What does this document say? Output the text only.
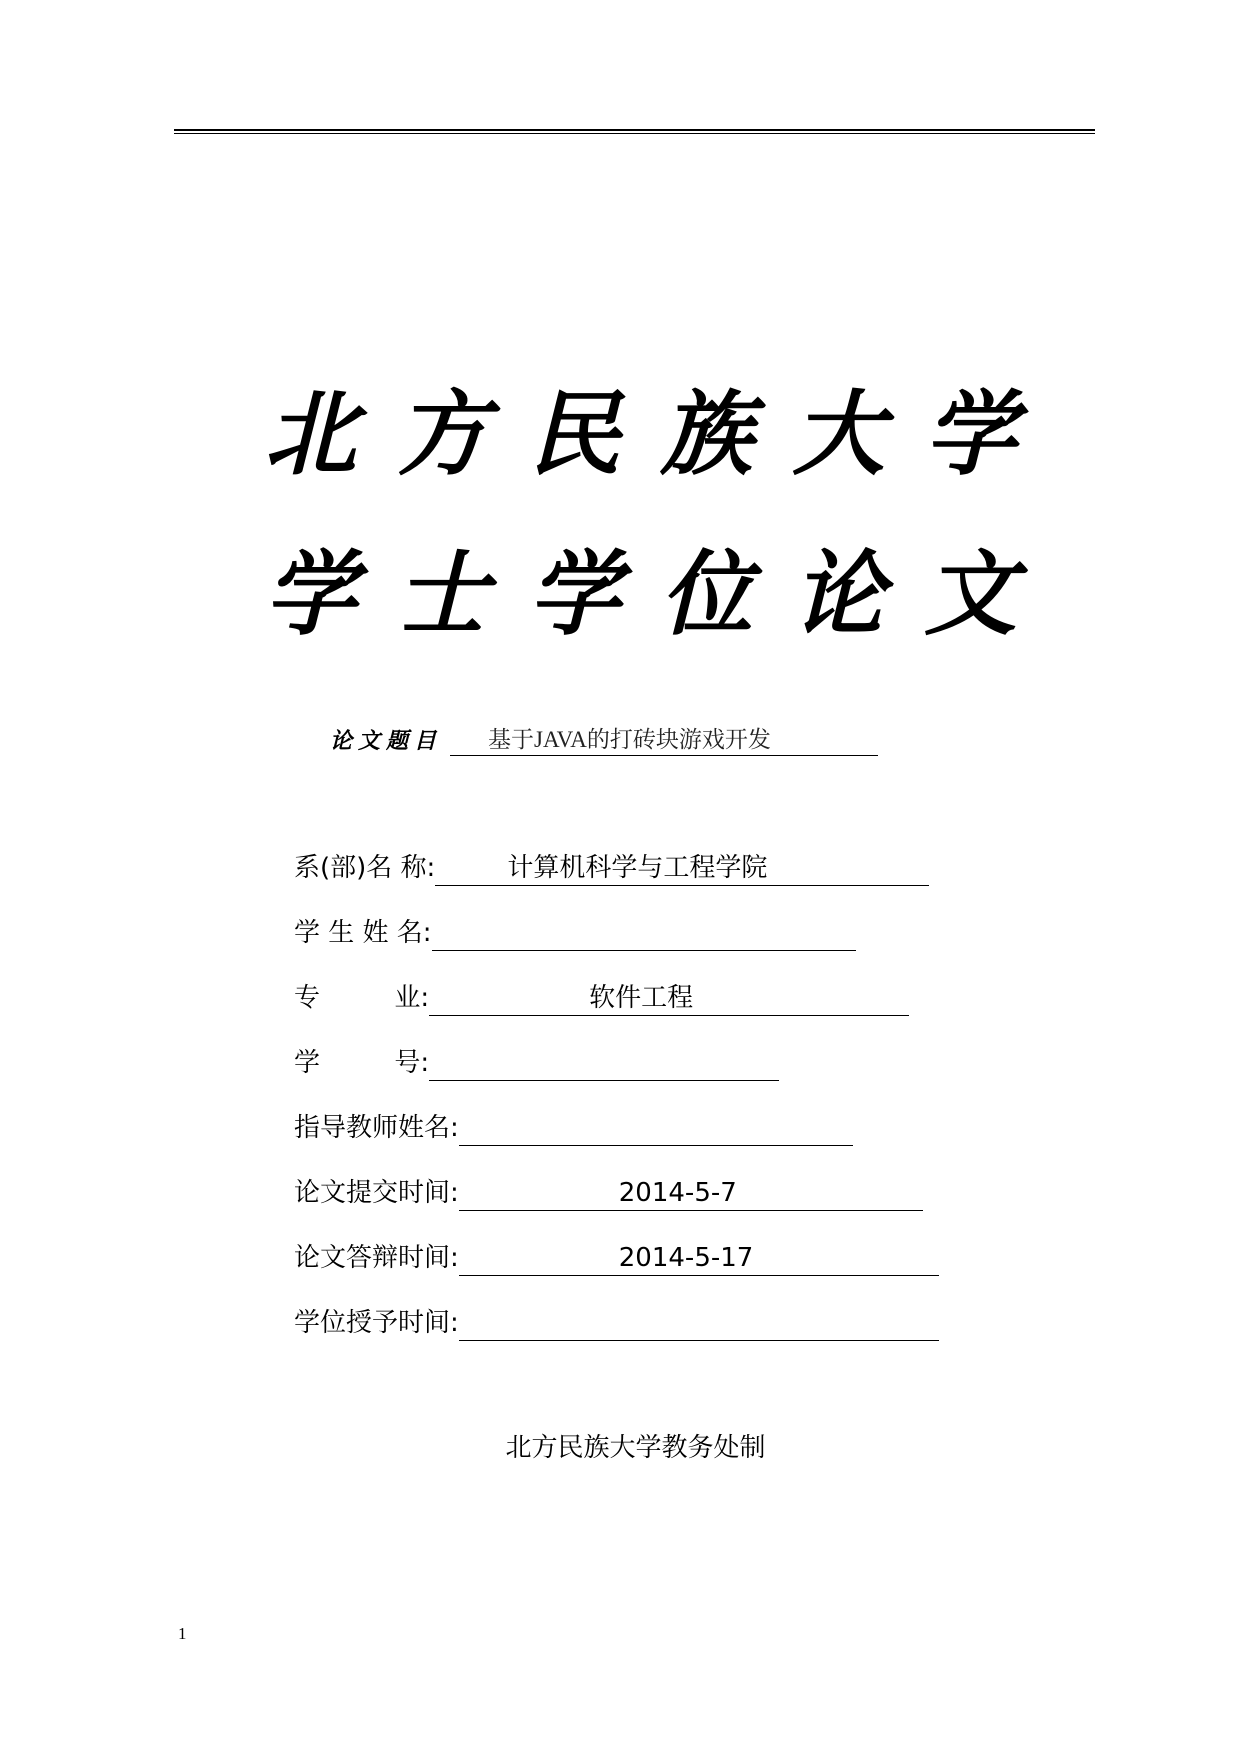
北方民族大学
学士学位论文
论文题目	基于JAVA的打砖块游戏开发
系(部)名 称:	计算机科学与工程学院
学 生 姓 名:
专         业:	软件工程
学         号:
指导教师姓名:
论文提交时间:	2014-5-7
论文答辩时间:	2014-5-17
学位授予时间:
北方民族大学教务处制
1
